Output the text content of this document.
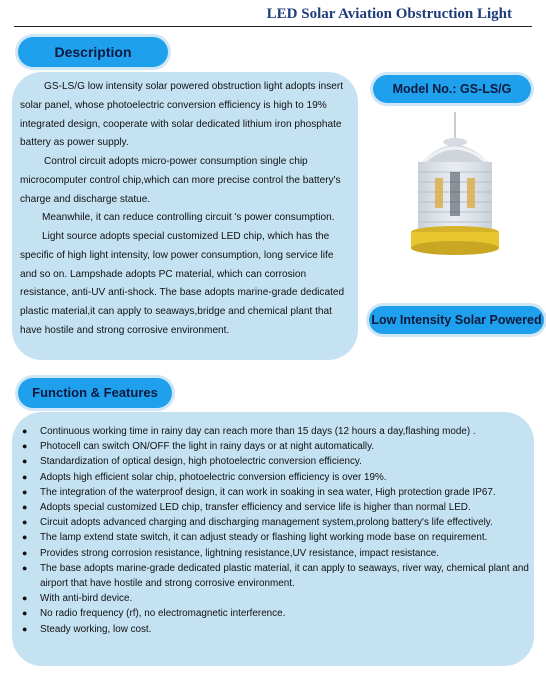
LED Solar Aviation Obstruction Light
Description

GS-LS/G low intensity solar powered obstruction light adopts insert solar panel, whose photoelectric conversion efficiency is high to 19% integrated design, cooperate with solar dedicated lithium iron phosphate battery as power supply.

Control circuit adopts micro-power consumption single chip microcomputer control chip,which can more precise control the battery's charge and discharge statue.

Meanwhile, it can reduce controlling circuit 's power consumption.

Light source adopts special customized LED chip, which has the specific of high light intensity, low power consumption, long service life and so on. Lampshade adopts PC material, which can corrosion resistance, anti-UV anti-shock. The base adopts marine-grade dedicated plastic material,it can apply to seaways,bridge and chemical plant that have hostile and strong corrosive environment.

Model No.: GS-LS/G
Low Intensity Solar Powered
Function & Features
● Continuous working time in rainy day can reach more than 15 days (12 hours a day,flashing mode) .
● Photocell can switch ON/OFF the light in rainy days or at night automatically.
● Standardization of optical design, high photoelectric conversion efficiency.
● Adopts high efficient solar chip, photoelectric conversion efficiency is over 19%.
● The integration of the waterproof design, it can work in soaking in sea water, High protection grade IP67.
● Adopts special customized LED chip, transfer efficiency and service life is higher than normal LED.
● Circuit adopts advanced charging and discharging management system,prolong battery's life effectively.
● The lamp extend state switch, it can adjust steady or flashing light working mode base on requirement.
● Provides strong corrosion resistance, lightning resistance,UV resistance, impact resistance.
● The base adopts marine-grade dedicated plastic material, it can apply to seaways, river way, chemical plant and airport that have hostile and strong corrosive environment.
● With anti-bird device.
● No radio frequency (rf), no electromagnetic interference.
● Steady working, low cost.
